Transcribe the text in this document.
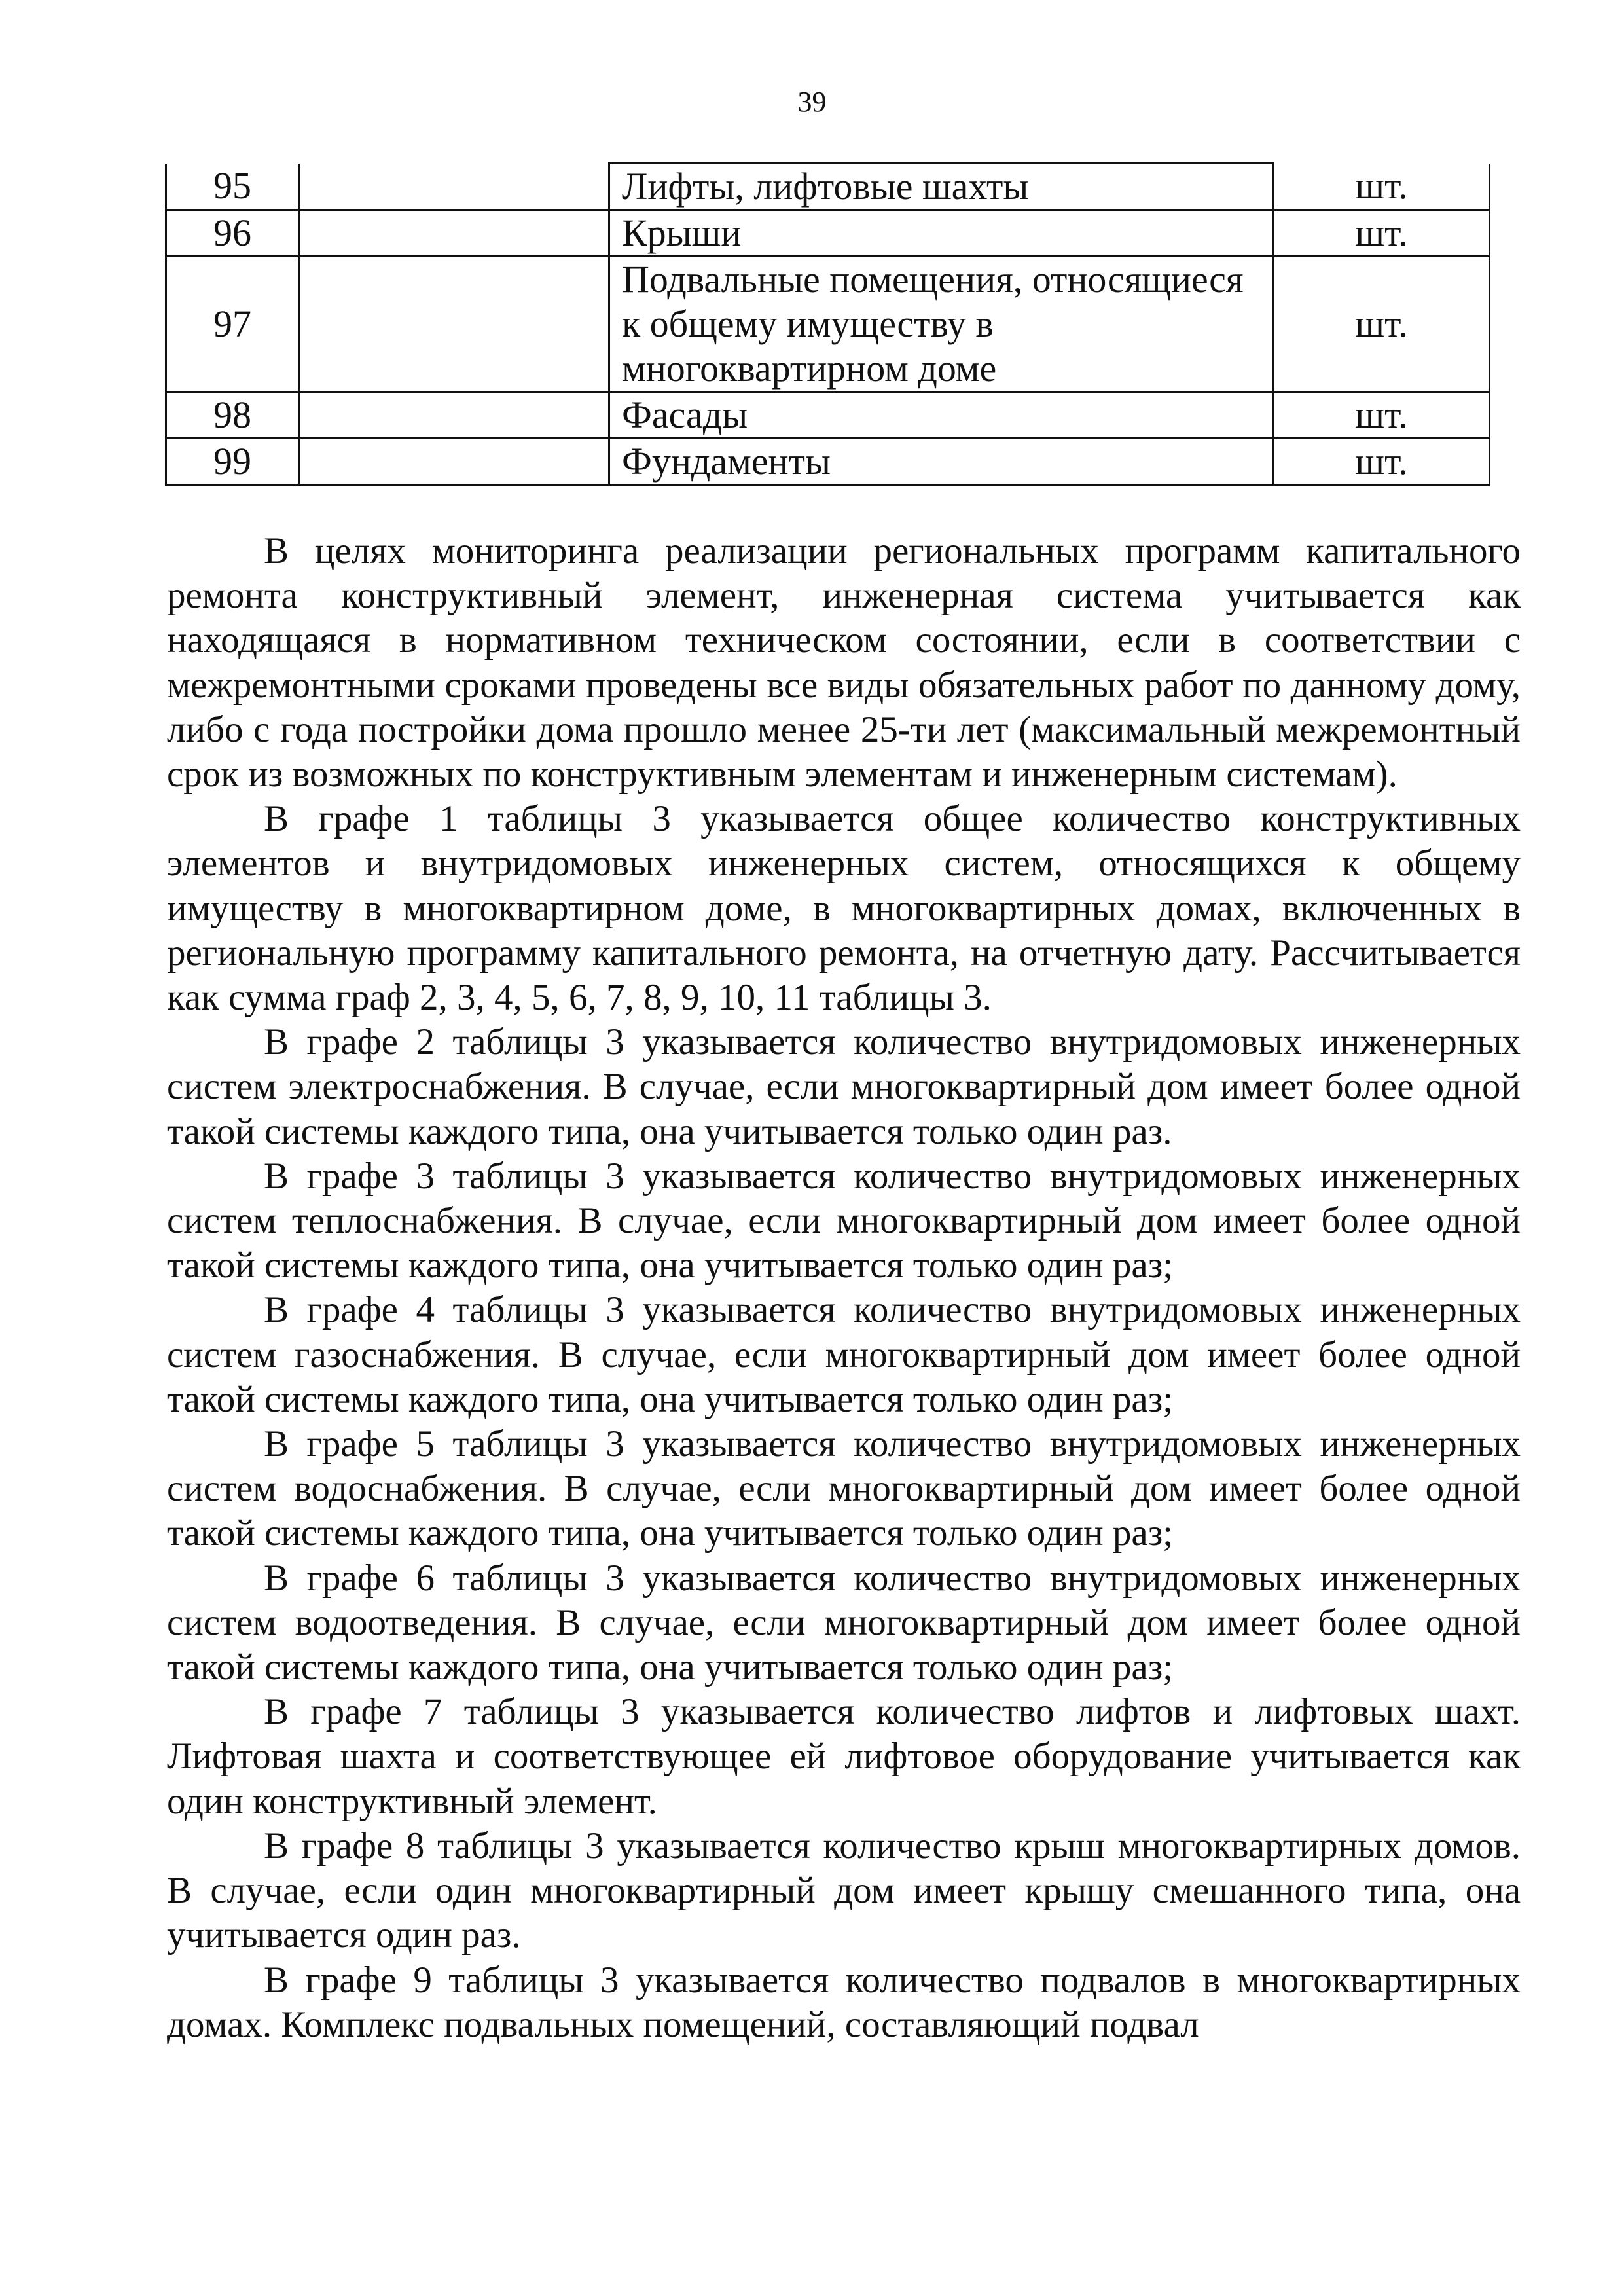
39
95		Лифты, лифтовые шахты	шт.
96		Крыши	шт.
97		Подвальные помещения, относящиеся к общему имуществу в многоквартирном доме	шт.
98		Фасады	шт.
99		Фундаменты	шт.

В целях мониторинга реализации региональных программ капитального ремонта конструктивный элемент, инженерная система учитывается как находящаяся в нормативном техническом состоянии, если в соответствии с межремонтными сроками проведены все виды обязательных работ по данному дому, либо с года постройки дома прошло менее 25-ти лет (максимальный межремонтный срок из возможных по конструктивным элементам и инженерным системам).

В графе 1 таблицы 3 указывается общее количество конструктивных элементов и внутридомовых инженерных систем, относящихся к общему имуществу в многоквартирном доме, в многоквартирных домах, включенных в региональную программу капитального ремонта, на отчетную дату. Рассчитывается как сумма граф 2, 3, 4, 5, 6, 7, 8, 9, 10, 11 таблицы 3.

В графе 2 таблицы 3 указывается количество внутридомовых инженерных систем электроснабжения. В случае, если многоквартирный дом имеет более одной такой системы каждого типа, она учитывается только один раз.

В графе 3 таблицы 3 указывается количество внутридомовых инженерных систем теплоснабжения. В случае, если многоквартирный дом имеет более одной такой системы каждого типа, она учитывается только один раз;

В графе 4 таблицы 3 указывается количество внутридомовых инженерных систем газоснабжения. В случае, если многоквартирный дом имеет более одной такой системы каждого типа, она учитывается только один раз;

В графе 5 таблицы 3 указывается количество внутридомовых инженерных систем водоснабжения. В случае, если многоквартирный дом имеет более одной такой системы каждого типа, она учитывается только один раз;

В графе 6 таблицы 3 указывается количество внутридомовых инженерных систем водоотведения. В случае, если многоквартирный дом имеет более одной такой системы каждого типа, она учитывается только один раз;

В графе 7 таблицы 3 указывается количество лифтов и лифтовых шахт. Лифтовая шахта и соответствующее ей лифтовое оборудование учитывается как один конструктивный элемент.

В графе 8 таблицы 3 указывается количество крыш многоквартирных домов. В случае, если один многоквартирный дом имеет крышу смешанного типа, она учитывается один раз.

В графе 9 таблицы 3 указывается количество подвалов в многоквартирных домах. Комплекс подвальных помещений, составляющий подвал
